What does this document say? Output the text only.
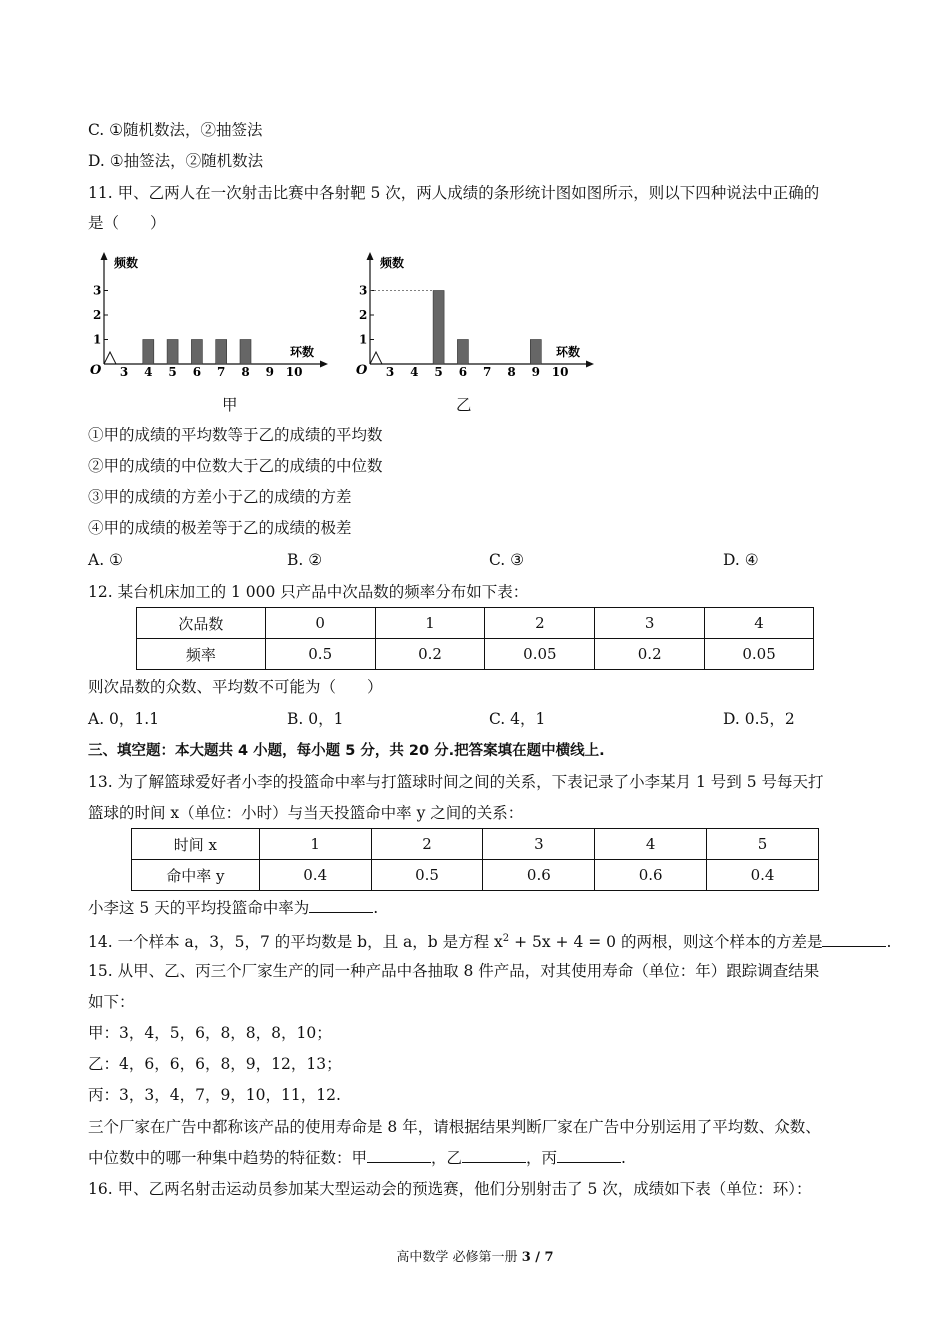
C. ①随机数法，②抽签法
D. ①抽签法，②随机数法
11. 甲、乙两人在一次射击比赛中各射靶 5 次，两人成绩的条形统计图如图所示，则以下四种说法中正确的
是（　　）
O
频数
环数
1
2
3
3 4 5 6 7 8 9 10
甲
O
频数
环数
1
2
3
3 4 5 6 7 8 9 10
乙
①甲的成绩的平均数等于乙的成绩的平均数
②甲的成绩的中位数大于乙的成绩的中位数
③甲的成绩的方差小于乙的成绩的方差
④甲的成绩的极差等于乙的成绩的极差
A. ①	B. ②	C. ③	D. ④
12. 某台机床加工的 1 000 只产品中次品数的频率分布如下表：
次品数	0	1	2	3	4
频率	0.5	0.2	0.05	0.2	0.05
则次品数的众数、平均数不可能为（　　）
A. 0，1.1	B. 0，1	C. 4，1	D. 0.5，2
三、填空题：本大题共 4 小题，每小题 5 分，共 20 分.把答案填在题中横线上.
13. 为了解篮球爱好者小李的投篮命中率与打篮球时间之间的关系，下表记录了小李某月 1 号到 5 号每天打
篮球的时间 x（单位：小时）与当天投篮命中率 y 之间的关系：
时间 x	1	2	3	4	5
命中率 y	0.4	0.5	0.6	0.6	0.4
小李这 5 天的平均投篮命中率为	.
14. 一个样本 a，3，5，7 的平均数是 b，且 a，b 是方程 $x^2 + 5x + 4 = 0$ 的两根，则这个样本的方差是	.
15. 从甲、乙、丙三个厂家生产的同一种产品中各抽取 8 件产品，对其使用寿命（单位：年）跟踪调查结果
如下：
甲：3，4，5，6，8，8，8，10；
乙：4，6，6，6，8，9，12，13；
丙：3，3，4，7，9，10，11，12.
三个厂家在广告中都称该产品的使用寿命是 8 年，请根据结果判断厂家在广告中分别运用了平均数、众数、
中位数中的哪一种集中趋势的特征数：甲	，乙	，丙	.
16. 甲、乙两名射击运动员参加某大型运动会的预选赛，他们分别射击了 5 次，成绩如下表（单位：环）：
高中数学 必修第一册 3 / 7
